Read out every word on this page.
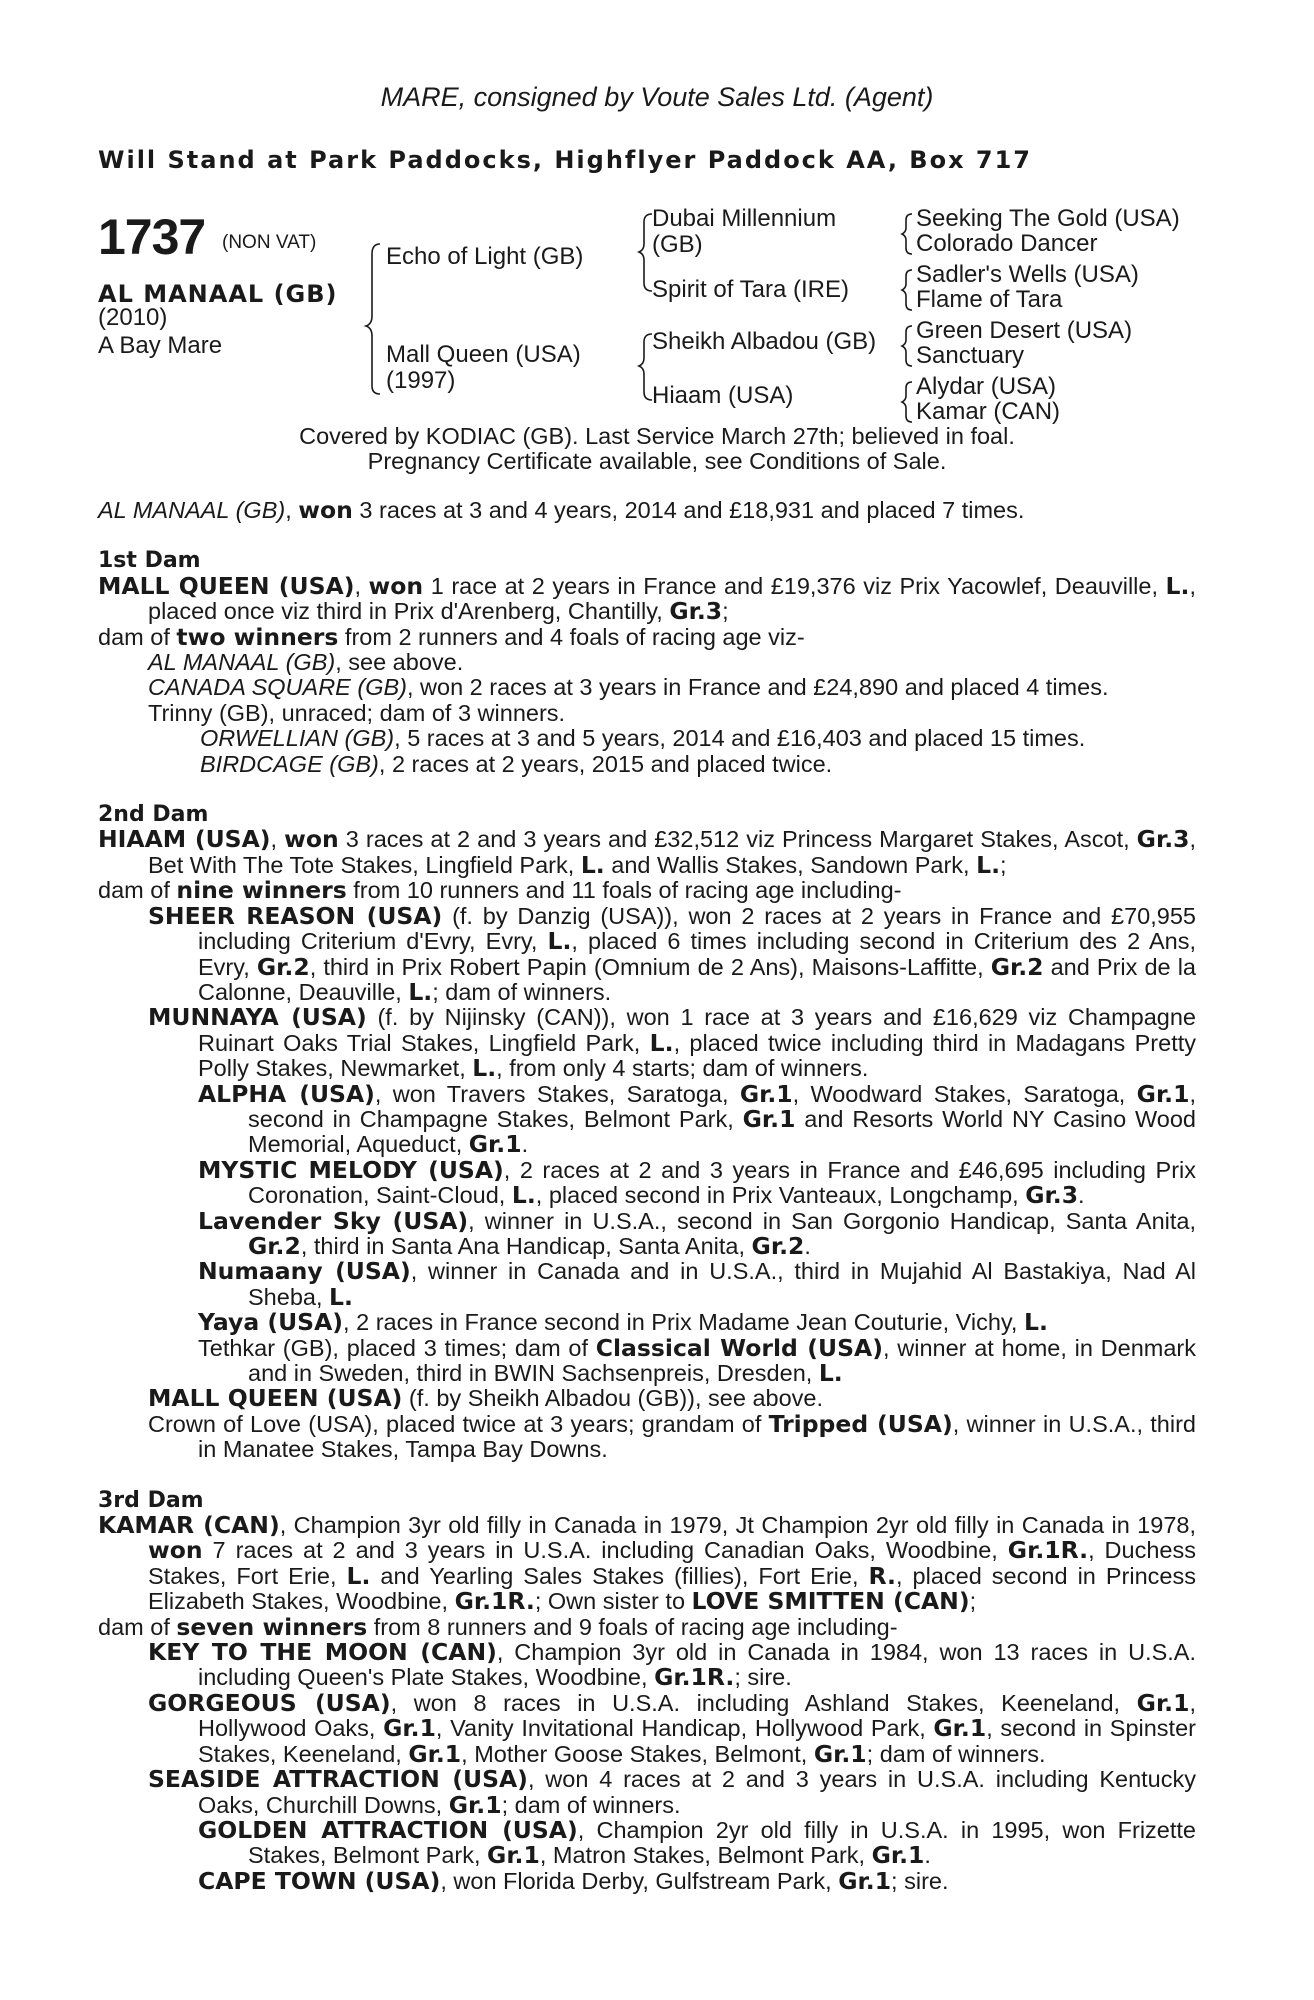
MARE, consigned by Voute Sales Ltd. (Agent)
Will Stand at Park Paddocks, Highflyer Paddock AA, Box 717
1737 (NON VAT)
AL MANAAL (GB)
(2010)
A Bay Mare
Echo of Light (GB)
Mall Queen (USA)
(1997)
Dubai Millennium
(GB)
Spirit of Tara (IRE)
Sheikh Albadou (GB)
Hiaam (USA)
Seeking The Gold (USA)
Colorado Dancer
Sadler's Wells (USA)
Flame of Tara
Green Desert (USA)
Sanctuary
Alydar (USA)
Kamar (CAN)
Covered by KODIAC (GB). Last Service March 27th; believed in foal.
Pregnancy Certificate available, see Conditions of Sale.
AL MANAAL (GB), won 3 races at 3 and 4 years, 2014 and £18,931 and placed 7 times.
1st Dam
MALL QUEEN (USA), won 1 race at 2 years in France and £19,376 viz Prix Yacowlef, Deauville, L., placed once viz third in Prix d'Arenberg, Chantilly, Gr.3;
dam of two winners from 2 runners and 4 foals of racing age viz-
AL MANAAL (GB), see above.
CANADA SQUARE (GB), won 2 races at 3 years in France and £24,890 and placed 4 times.
Trinny (GB), unraced; dam of 3 winners.
ORWELLIAN (GB), 5 races at 3 and 5 years, 2014 and £16,403 and placed 15 times.
BIRDCAGE (GB), 2 races at 2 years, 2015 and placed twice.
2nd Dam
HIAAM (USA), won 3 races at 2 and 3 years and £32,512 viz Princess Margaret Stakes, Ascot, Gr.3, Bet With The Tote Stakes, Lingfield Park, L. and Wallis Stakes, Sandown Park, L.;
dam of nine winners from 10 runners and 11 foals of racing age including-
SHEER REASON (USA) (f. by Danzig (USA)), won 2 races at 2 years in France and £70,955 including Criterium d'Evry, Evry, L., placed 6 times including second in Criterium des 2 Ans, Evry, Gr.2, third in Prix Robert Papin (Omnium de 2 Ans), Maisons-Laffitte, Gr.2 and Prix de la Calonne, Deauville, L.; dam of winners.
MUNNAYA (USA) (f. by Nijinsky (CAN)), won 1 race at 3 years and £16,629 viz Champagne Ruinart Oaks Trial Stakes, Lingfield Park, L., placed twice including third in Madagans Pretty Polly Stakes, Newmarket, L., from only 4 starts; dam of winners.
ALPHA (USA), won Travers Stakes, Saratoga, Gr.1, Woodward Stakes, Saratoga, Gr.1, second in Champagne Stakes, Belmont Park, Gr.1 and Resorts World NY Casino Wood Memorial, Aqueduct, Gr.1.
MYSTIC MELODY (USA), 2 races at 2 and 3 years in France and £46,695 including Prix Coronation, Saint-Cloud, L., placed second in Prix Vanteaux, Longchamp, Gr.3.
Lavender Sky (USA), winner in U.S.A., second in San Gorgonio Handicap, Santa Anita, Gr.2, third in Santa Ana Handicap, Santa Anita, Gr.2.
Numaany (USA), winner in Canada and in U.S.A., third in Mujahid Al Bastakiya, Nad Al Sheba, L.
Yaya (USA), 2 races in France second in Prix Madame Jean Couturie, Vichy, L.
Tethkar (GB), placed 3 times; dam of Classical World (USA), winner at home, in Denmark and in Sweden, third in BWIN Sachsenpreis, Dresden, L.
MALL QUEEN (USA) (f. by Sheikh Albadou (GB)), see above.
Crown of Love (USA), placed twice at 3 years; grandam of Tripped (USA), winner in U.S.A., third in Manatee Stakes, Tampa Bay Downs.
3rd Dam
KAMAR (CAN), Champion 3yr old filly in Canada in 1979, Jt Champion 2yr old filly in Canada in 1978, won 7 races at 2 and 3 years in U.S.A. including Canadian Oaks, Woodbine, Gr.1R., Duchess Stakes, Fort Erie, L. and Yearling Sales Stakes (fillies), Fort Erie, R., placed second in Princess Elizabeth Stakes, Woodbine, Gr.1R.; Own sister to LOVE SMITTEN (CAN);
dam of seven winners from 8 runners and 9 foals of racing age including-
KEY TO THE MOON (CAN), Champion 3yr old in Canada in 1984, won 13 races in U.S.A. including Queen's Plate Stakes, Woodbine, Gr.1R.; sire.
GORGEOUS (USA), won 8 races in U.S.A. including Ashland Stakes, Keeneland, Gr.1, Hollywood Oaks, Gr.1, Vanity Invitational Handicap, Hollywood Park, Gr.1, second in Spinster Stakes, Keeneland, Gr.1, Mother Goose Stakes, Belmont, Gr.1; dam of winners.
SEASIDE ATTRACTION (USA), won 4 races at 2 and 3 years in U.S.A. including Kentucky Oaks, Churchill Downs, Gr.1; dam of winners.
GOLDEN ATTRACTION (USA), Champion 2yr old filly in U.S.A. in 1995, won Frizette Stakes, Belmont Park, Gr.1, Matron Stakes, Belmont Park, Gr.1.
CAPE TOWN (USA), won Florida Derby, Gulfstream Park, Gr.1; sire.
